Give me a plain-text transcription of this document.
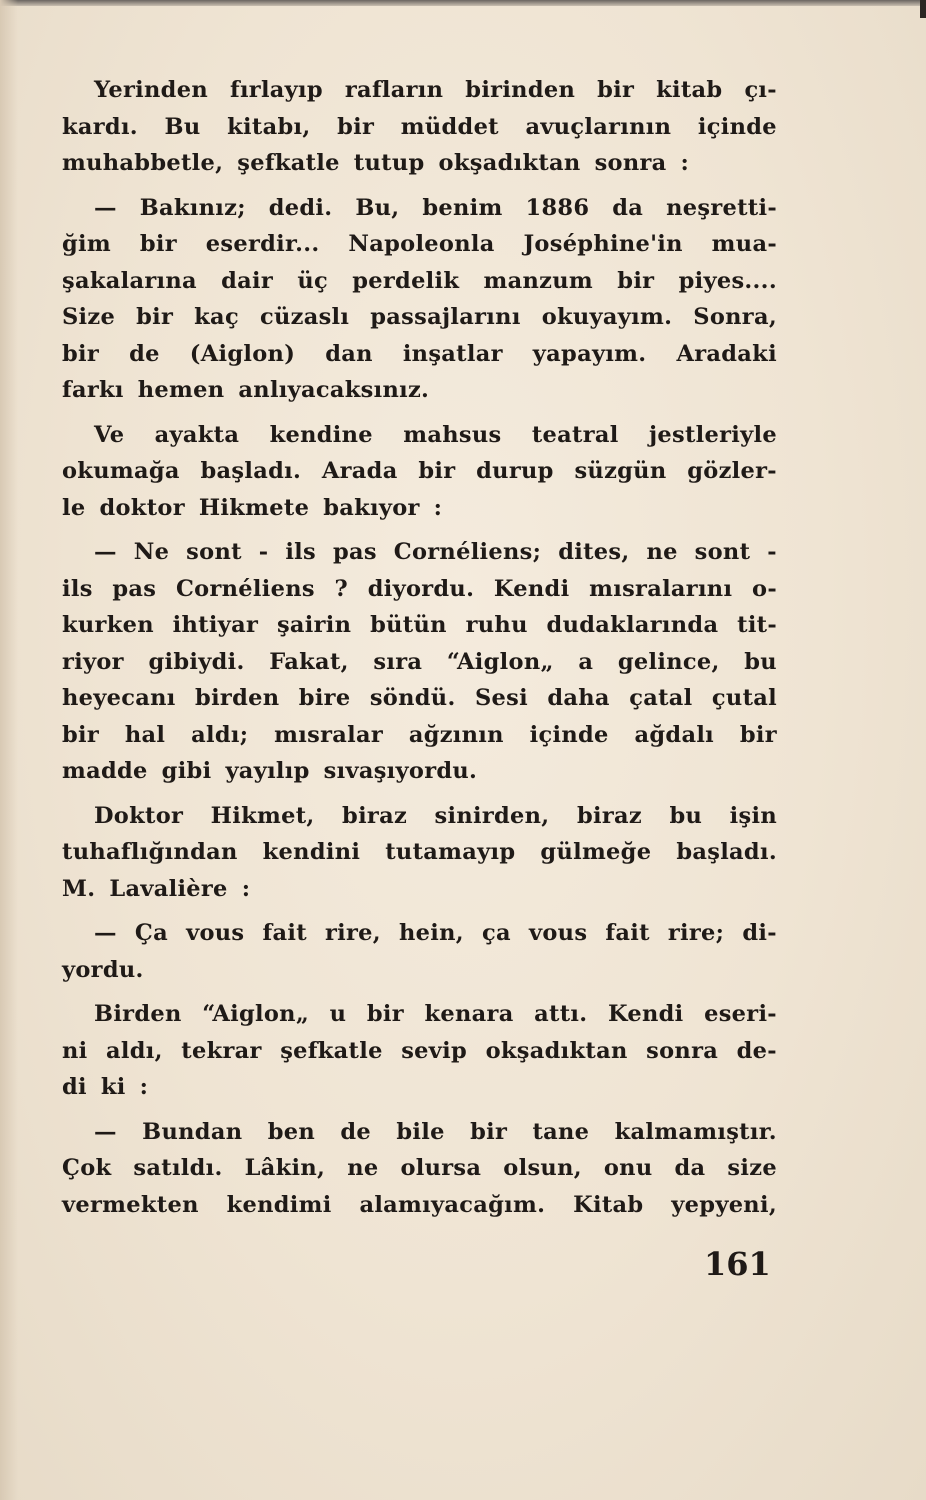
Yerinden fırlayıp rafların birinden bir kitab çı-
kardı. Bu kitabı, bir müddet avuçlarının içinde
muhabbetle, şefkatle tutup okşadıktan sonra :
— Bakınız; dedi. Bu, benim 1886 da neşretti-
ğim bir eserdir... Napoleonla Joséphine'in mua-
şakalarına dair üç perdelik manzum bir piyes....
Size bir kaç cüzaslı passajlarını okuyayım. Sonra,
bir de (Aiglon) dan inşatlar yapayım. Aradaki
farkı hemen anlıyacaksınız.
Ve ayakta kendine mahsus teatral jestleriyle
okumağa başladı. Arada bir durup süzgün gözler-
le doktor Hikmete bakıyor :
— Ne sont - ils pas Cornéliens; dites, ne sont -
ils pas Cornéliens ? diyordu. Kendi mısralarını o-
kurken ihtiyar şairin bütün ruhu dudaklarında tit-
riyor gibiydi. Fakat, sıra “Aiglon„ a gelince, bu
heyecanı birden bire söndü. Sesi daha çatal çutal
bir hal aldı; mısralar ağzının içinde ağdalı bir
madde gibi yayılıp sıvaşıyordu.
Doktor Hikmet, biraz sinirden, biraz bu işin
tuhaflığından kendini tutamayıp gülmeğe başladı.
M. Lavalière :
— Ça vous fait rire, hein, ça vous fait rire; di-
yordu.
Birden “Aiglon„ u bir kenara attı. Kendi eseri-
ni aldı, tekrar şefkatle sevip okşadıktan sonra de-
di ki :
— Bundan ben de bile bir tane kalmamıştır.
Çok satıldı. Lâkin, ne olursa olsun, onu da size
vermekten kendimi alamıyacağım. Kitab yepyeni,
161
